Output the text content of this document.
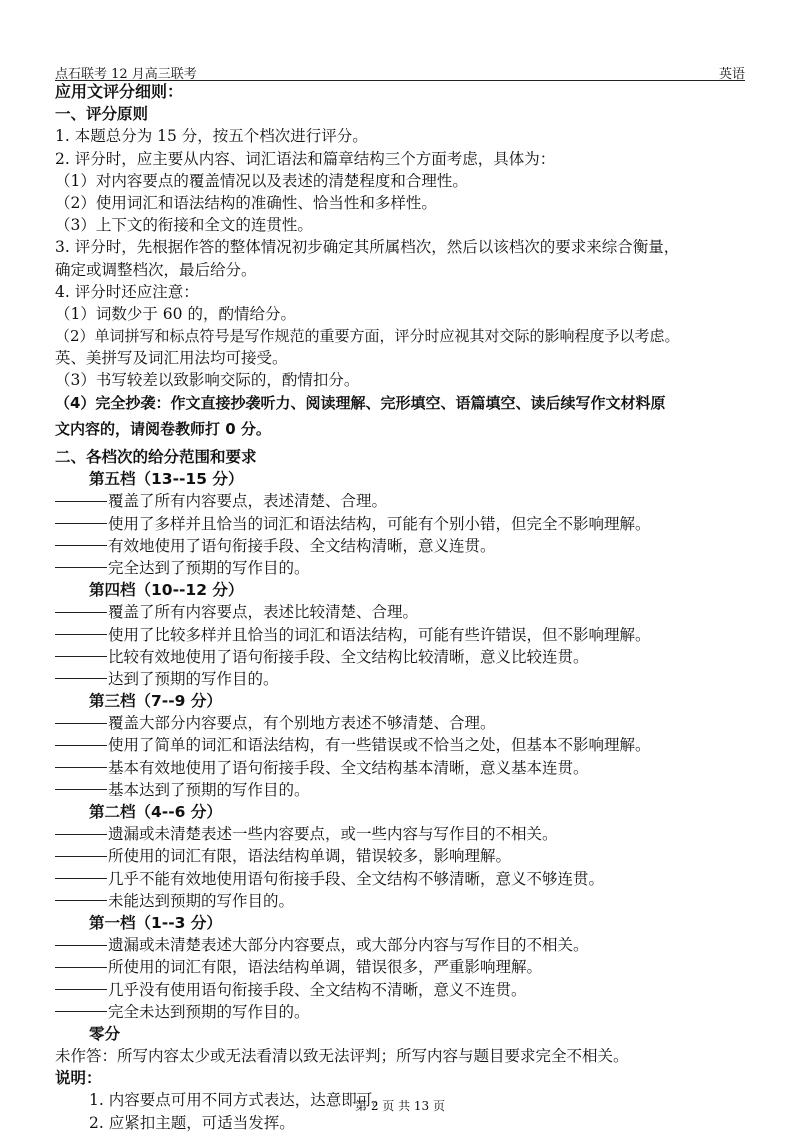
点石联考 12 月高三联考	英语
应用文评分细则：
一、评分原则
1. 本题总分为 15 分，按五个档次进行评分。
2. 评分时，应主要从内容、词汇语法和篇章结构三个方面考虑，具体为：
（1）对内容要点的覆盖情况以及表述的清楚程度和合理性。
（2）使用词汇和语法结构的准确性、恰当性和多样性。
（3）上下文的衔接和全文的连贯性。
3. 评分时，先根据作答的整体情况初步确定其所属档次，然后以该档次的要求来综合衡量，
确定或调整档次，最后给分。
4. 评分时还应注意：
（1）词数少于 60 的，酌情给分。
（2）单词拼写和标点符号是写作规范的重要方面，评分时应视其对交际的影响程度予以考虑。
英、美拼写及词汇用法均可接受。
（3）书写较差以致影响交际的，酌情扣分。
（4）完全抄袭：作文直接抄袭听力、阅读理解、完形填空、语篇填空、读后续写作文材料原
文内容的，请阅卷教师打 0 分。
二、各档次的给分范围和要求
第五档（13--15 分）
覆盖了所有内容要点，表述清楚、合理。
使用了多样并且恰当的词汇和语法结构，可能有个别小错，但完全不影响理解。
有效地使用了语句衔接手段、全文结构清晰，意义连贯。
完全达到了预期的写作目的。
第四档（10--12 分）
覆盖了所有内容要点，表述比较清楚、合理。
使用了比较多样并且恰当的词汇和语法结构，可能有些许错误，但不影响理解。
比较有效地使用了语句衔接手段、全文结构比较清晰，意义比较连贯。
达到了预期的写作目的。
第三档（7--9 分）
覆盖大部分内容要点，有个别地方表述不够清楚、合理。
使用了简单的词汇和语法结构，有一些错误或不恰当之处，但基本不影响理解。
基本有效地使用了语句衔接手段、全文结构基本清晰，意义基本连贯。
基本达到了预期的写作目的。
第二档（4--6 分）
遗漏或未清楚表述一些内容要点，或一些内容与写作目的不相关。
所使用的词汇有限，语法结构单调，错误较多，影响理解。
几乎不能有效地使用语句衔接手段、全文结构不够清晰，意义不够连贯。
未能达到预期的写作目的。
第一档（1--3 分）
遗漏或未清楚表述大部分内容要点，或大部分内容与写作目的不相关。
所使用的词汇有限，语法结构单调，错误很多，严重影响理解。
几乎没有使用语句衔接手段、全文结构不清晰，意义不连贯。
完全未达到预期的写作目的。
零分
未作答：所写内容太少或无法看清以致无法评判；所写内容与题目要求完全不相关。
说明：
1. 内容要点可用不同方式表达，达意即可。
2. 应紧扣主题，可适当发挥。
第 2 页 共 13 页
